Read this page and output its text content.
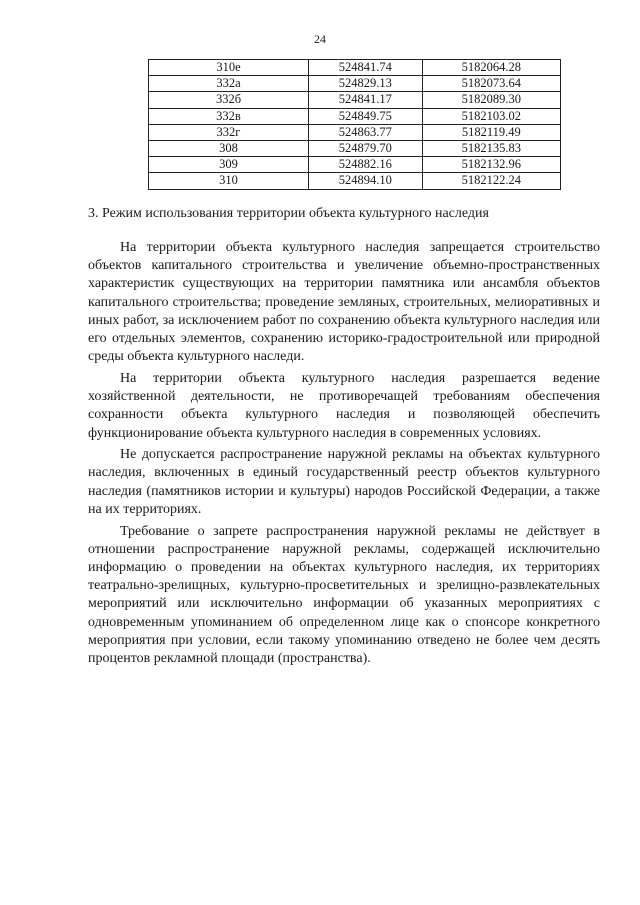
24
310е	524841.74	5182064.28
332а	524829.13	5182073.64
332б	524841.17	5182089.30
332в	524849.75	5182103.02
332г	524863.77	5182119.49
308	524879.70	5182135.83
309	524882.16	5182132.96
310	524894.10	5182122.24
3. Режим использования территории объекта культурного наследия

На территории объекта культурного наследия запрещается строительство объектов капитального строительства и увеличение объемно-пространственных характеристик существующих на территории памятника или ансамбля объектов капитального строительства; проведение земляных, строительных, мелиоративных и иных работ, за исключением работ по сохранению объекта культурного наследия или его отдельных элементов, сохранению историко-градостроительной или природной среды объекта культурного наследи.

На территории объекта культурного наследия разрешается ведение хозяйственной деятельности, не противоречащей требованиям обеспечения сохранности объекта культурного наследия и позволяющей обеспечить функционирование объекта культурного наследия в современных условиях.

Не допускается распространение наружной рекламы на объектах культурного наследия, включенных в единый государственный реестр объектов культурного наследия (памятников истории и культуры) народов Российской Федерации, а также на их территориях.

Требование о запрете распространения наружной рекламы не действует в отношении распространение наружной рекламы, содержащей исключительно информацию о проведении на объектах культурного наследия, их территориях театрально-зрелищных, культурно-просветительных и зрелищно-развлекательных мероприятий или исключительно информации об указанных мероприятиях с одновременным упоминанием об определенном лице как о спонсоре конкретного мероприятия при условии, если такому упоминанию отведено не более чем десять процентов рекламной площади (пространства).
